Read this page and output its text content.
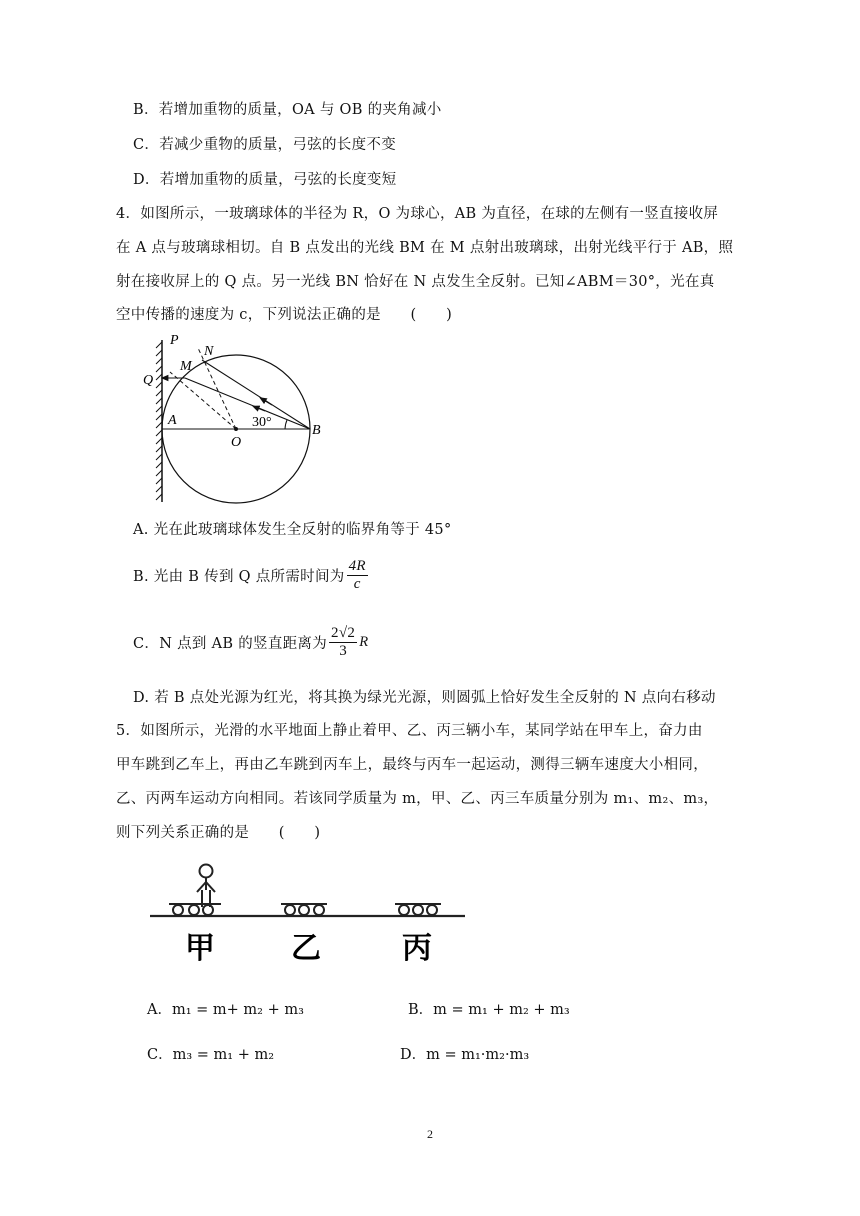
B．若增加重物的质量，OA 与 OB 的夹角减小
C．若减少重物的质量，弓弦的长度不变
D．若增加重物的质量，弓弦的长度变短
4．如图所示，一玻璃球体的半径为 R，O 为球心，AB 为直径，在球的左侧有一竖直接收屏
在 A 点与玻璃球相切。自 B 点发出的光线 BM 在 M 点射出玻璃球，出射光线平行于 AB，照
射在接收屏上的 Q 点。另一光线 BN 恰好在 N 点发生全反射。已知∠ABM＝30°，光在真
空中传播的速度为 c，下列说法正确的是　　(　　)
P
N
M
Q
A
O
B
30°
A. 光在此玻璃球体发生全反射的临界角等于 45°
B. 光由 B 传到 Q 点所需时间为 $\frac{4R}{c}$
C．N 点到 AB 的竖直距离为 $\frac{2√2}{3}$ R
D. 若 B 点处光源为红光，将其换为绿光光源，则圆弧上恰好发生全反射的 N 点向右移动
5．如图所示，光滑的水平地面上静止着甲、乙、丙三辆小车，某同学站在甲车上，奋力由
甲车跳到乙车上，再由乙车跳到丙车上，最终与丙车一起运动，测得三辆车速度大小相同，
乙、丙两车运动方向相同。若该同学质量为 m，甲、乙、丙三车质量分别为 m₁、m₂、m₃，
则下列关系正确的是　　(　　)
甲	乙	丙
A．m₁ = m+ m₂ + m₃	B．m = m₁ + m₂ + m₃
C．m₃ = m₁ + m₂	D．m = m₁·m₂·m₃
2
